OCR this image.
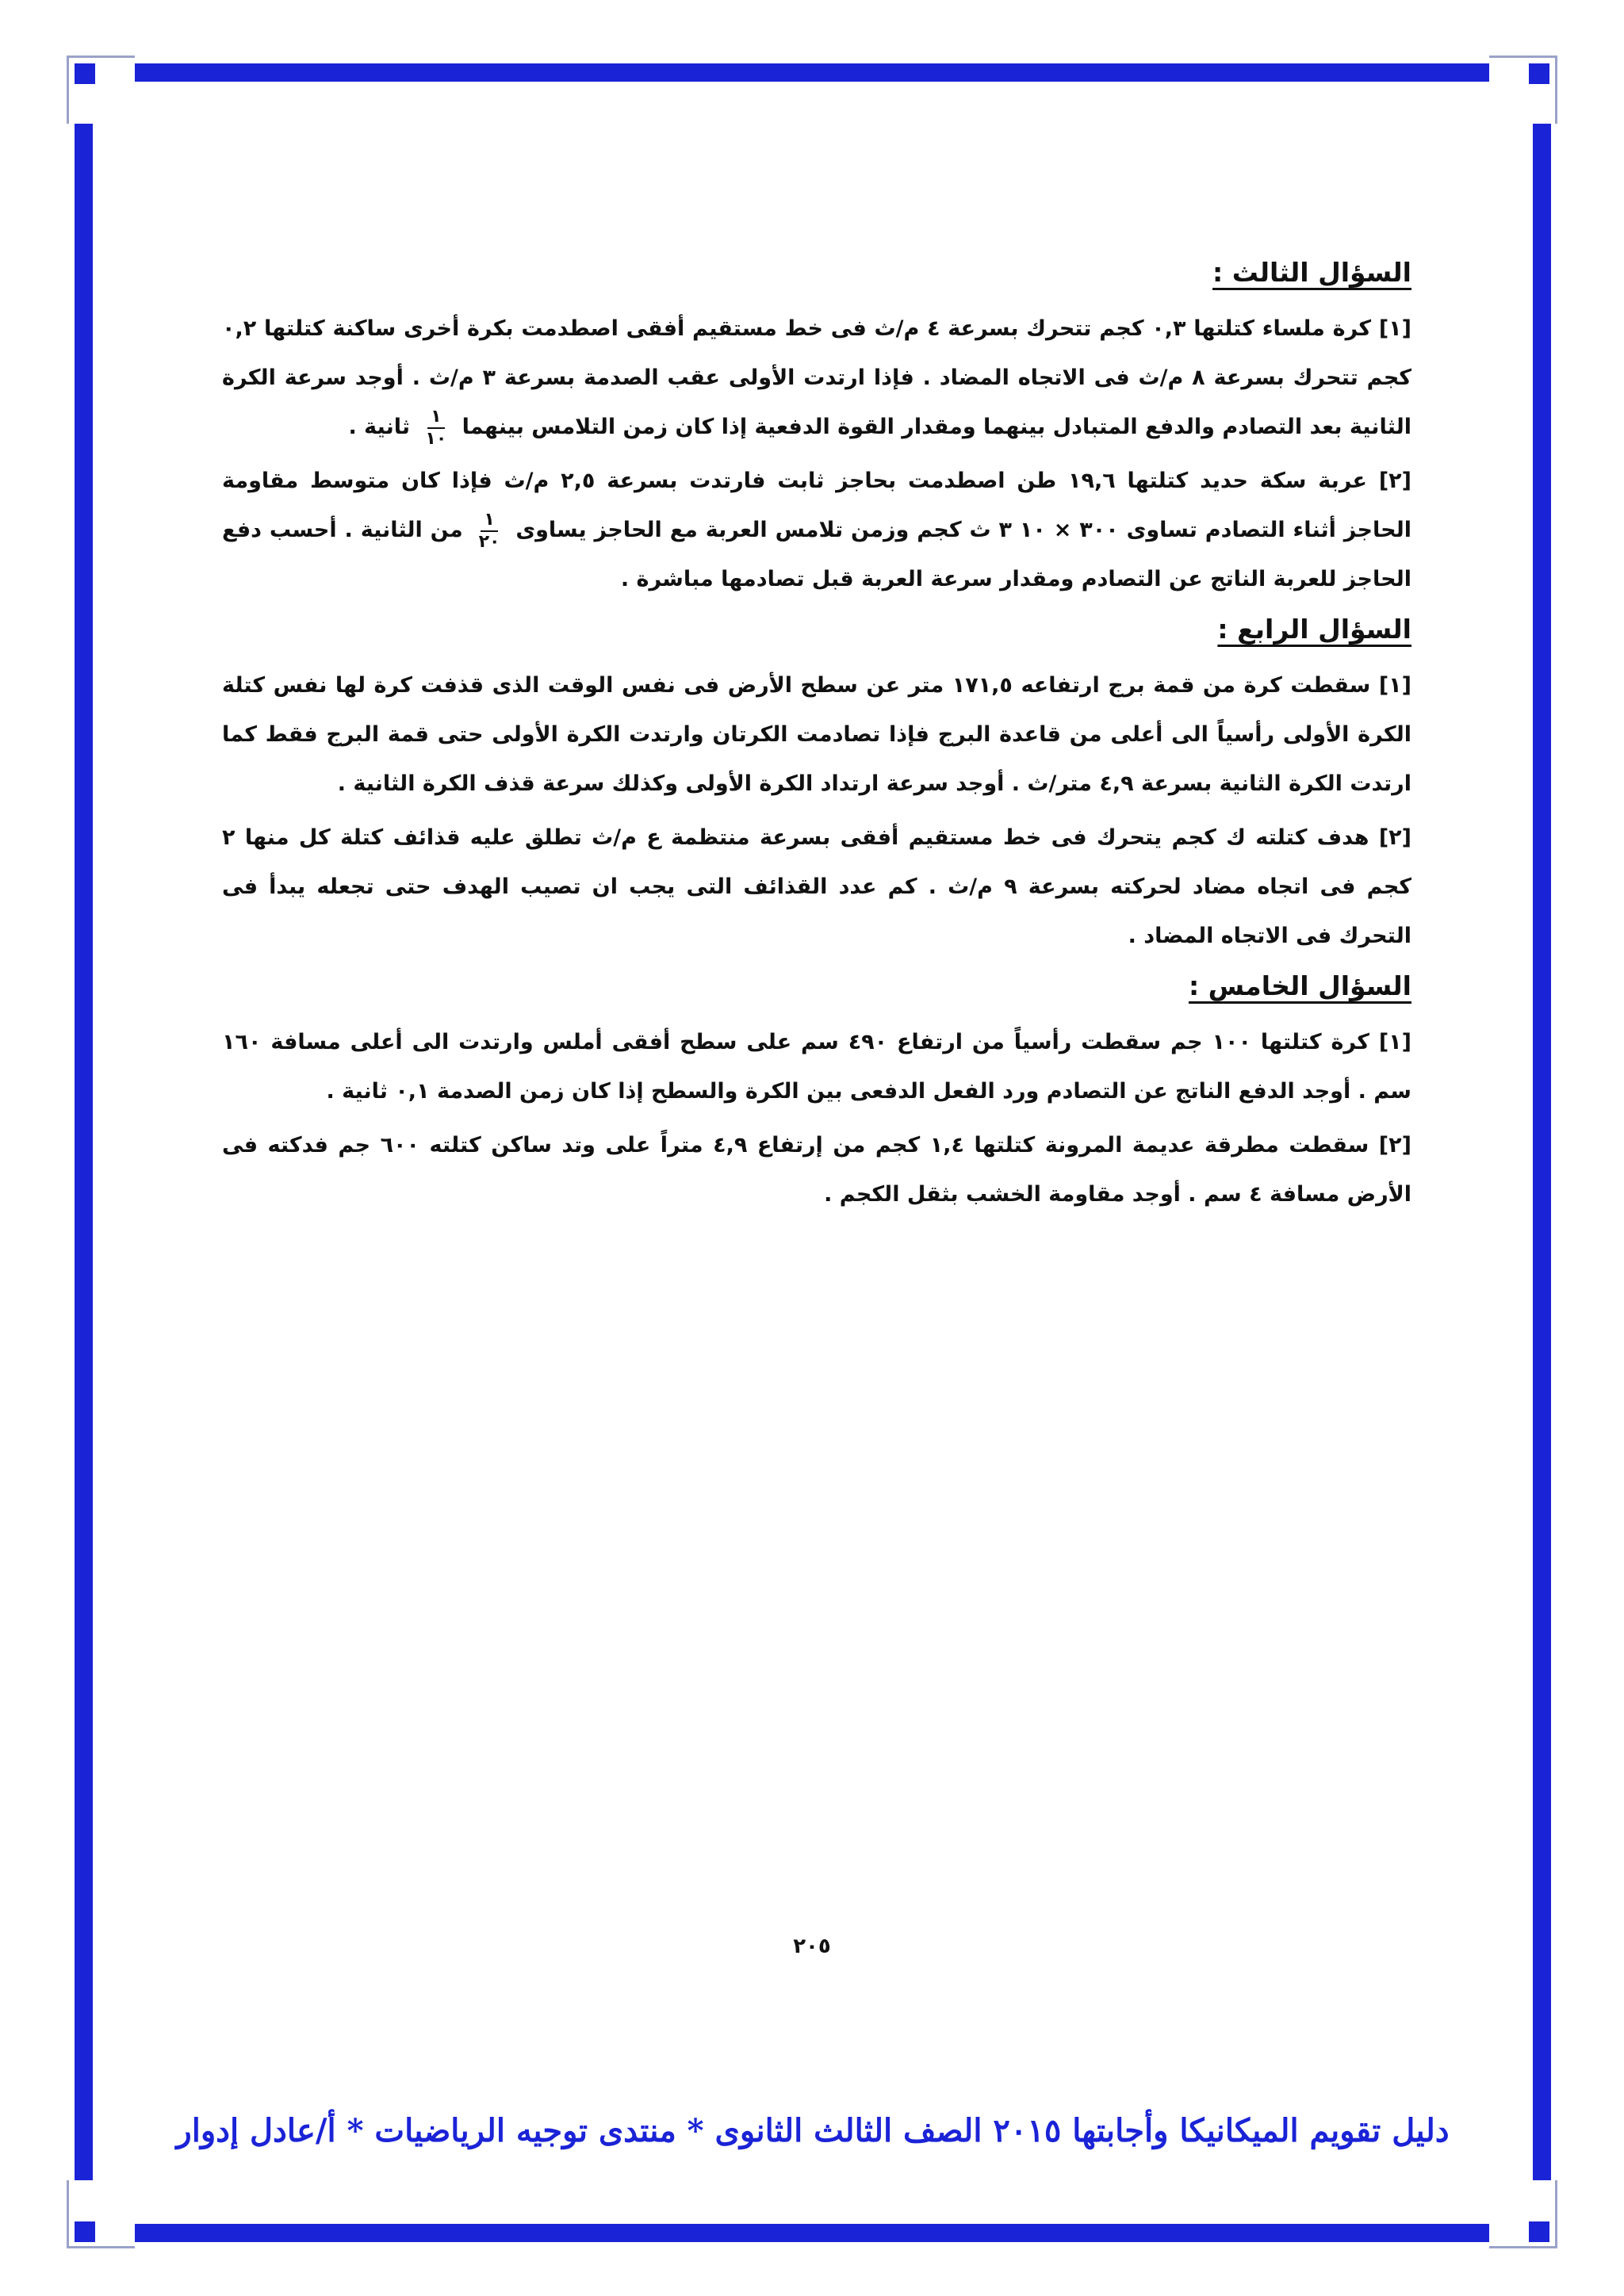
السؤال الثالث :

[١] كرة ملساء كتلتها ٠,٣ كجم تتحرك بسرعة ٤ م/ث فى خط مستقيم أفقى اصطدمت بكرة أخرى ساكنة كتلتها ٠,٢ كجم تتحرك بسرعة ٨ م/ث فى الاتجاه المضاد . فإذا ارتدت الأولى عقب الصدمة بسرعة ٣ م/ث . أوجد سرعة الكرة الثانية بعد التصادم والدفع المتبادل بينهما ومقدار القوة الدفعية إذا كان زمن التلامس بينهما
$\frac{١}{١٠}$
ثانية .

[٢] عربة سكة حديد كتلتها ١٩,٦ طن اصطدمت بحاجز ثابت فارتدت بسرعة ٢,٥ م/ث فإذا كان متوسط مقاومة الحاجز أثناء التصادم تساوى ٣٠٠ × ١٠ ٣ ث كجم وزمن تلامس العربة مع الحاجز يساوى
$\frac{١}{٢٠}$
من الثانية . أحسب دفع الحاجز للعربة الناتج عن التصادم ومقدار سرعة العربة قبل تصادمها مباشرة .

السؤال الرابع :

[١] سقطت كرة من قمة برج ارتفاعه ١٧١,٥ متر عن سطح الأرض فى نفس الوقت الذى قذفت كرة لها نفس كتلة الكرة الأولى رأسياً الى أعلى من قاعدة البرج فإذا تصادمت الكرتان وارتدت الكرة الأولى حتى قمة البرج فقط كما ارتدت الكرة الثانية بسرعة ٤,٩ متر/ث . أوجد سرعة ارتداد الكرة الأولى وكذلك سرعة قذف الكرة الثانية .

[٢] هدف كتلته ك كجم يتحرك فى خط مستقيم أفقى بسرعة منتظمة ع م/ث تطلق عليه قذائف كتلة كل منها ٢ كجم فى اتجاه مضاد لحركته بسرعة ٩ م/ث . كم عدد القذائف التى يجب ان تصيب الهدف حتى تجعله يبدأ فى التحرك فى الاتجاه المضاد .

السؤال الخامس :

[١] كرة كتلتها ١٠٠ جم سقطت رأسياً من ارتفاع ٤٩٠ سم على سطح أفقى أملس وارتدت الى أعلى مسافة ١٦٠ سم . أوجد الدفع الناتج عن التصادم ورد الفعل الدفعى بين الكرة والسطح إذا كان زمن الصدمة ٠,١ ثانية .

[٢] سقطت مطرقة عديمة المرونة كتلتها ١,٤ كجم من إرتفاع ٤,٩ متراً على وتد ساكن كتلته ٦٠٠ جم فدكته فى الأرض مسافة ٤ سم . أوجد مقاومة الخشب بثقل الكجم .

٢٠٥
دليل تقويم الميكانيكا وأجابتها ٢٠١٥ الصف الثالث الثانوى * منتدى توجيه الرياضيات * أ/عادل إدوار
